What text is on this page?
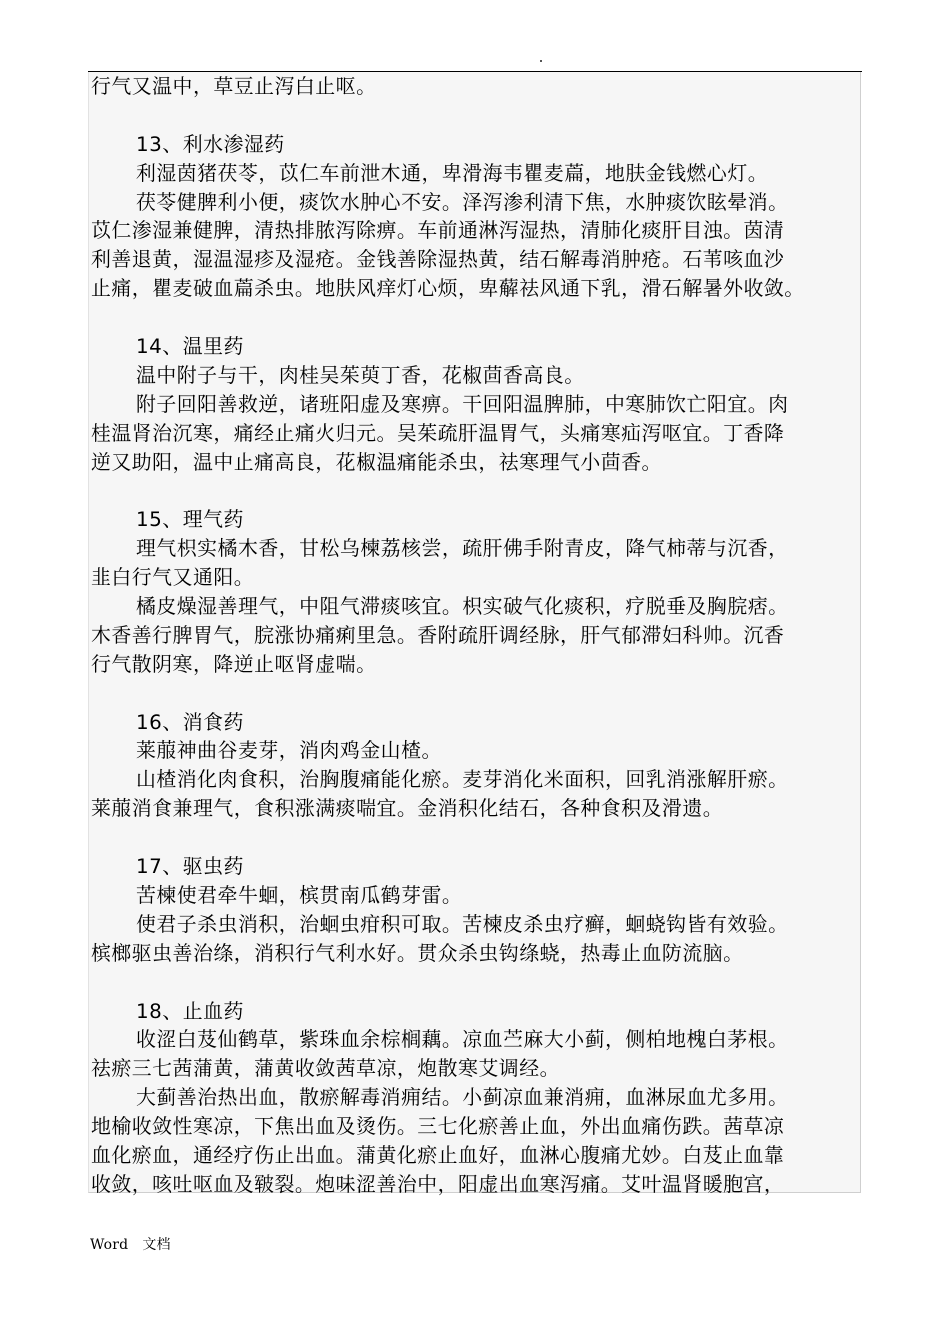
行气又温中，草豆止泻白止呕。
13、利水渗湿药
利湿茵猪茯苓，苡仁车前泄木通，卑滑海韦瞿麦萹，地肤金钱燃心灯。
茯苓健脾利小便，痰饮水肿心不安。泽泻渗利清下焦，水肿痰饮眩晕消。
苡仁渗湿兼健脾，清热排脓泻除痹。车前通淋泻湿热，清肺化痰肝目浊。茵清
利善退黄，湿温湿疹及湿疮。金钱善除湿热黄，结石解毒消肿疮。石苇咳血沙
止痛，瞿麦破血萹杀虫。地肤风痒灯心烦，卑薢祛风通下乳，滑石解暑外收敛。
14、温里药
温中附子与干，肉桂吴茱萸丁香，花椒茴香高良。
附子回阳善救逆，诸班阳虚及寒痹。干回阳温脾肺，中寒肺饮亡阳宜。肉
桂温肾治沉寒，痛经止痛火归元。吴茱疏肝温胃气，头痛寒疝泻呕宜。丁香降
逆又助阳，温中止痛高良，花椒温痛能杀虫，祛寒理气小茴香。
15、理气药
理气枳实橘木香，甘松乌楝荔核尝，疏肝佛手附青皮，降气柿蒂与沉香，
韭白行气又通阳。
橘皮燥湿善理气，中阻气滞痰咳宜。枳实破气化痰积，疗脱垂及胸脘痞。
木香善行脾胃气，脘涨协痛痢里急。香附疏肝调经脉，肝气郁滞妇科帅。沉香
行气散阴寒，降逆止呕肾虚喘。
16、消食药
莱菔神曲谷麦芽，消肉鸡金山楂。
山楂消化肉食积，治胸腹痛能化瘀。麦芽消化米面积，回乳消涨解肝瘀。
莱菔消食兼理气，食积涨满痰喘宜。金消积化结石，各种食积及滑遗。
17、驱虫药
苦楝使君牵牛蛔，槟贯南瓜鹤芽雷。
使君子杀虫消积，治蛔虫疳积可取。苦楝皮杀虫疗癣，蛔蛲钩皆有效验。
槟榔驱虫善治绦，消积行气利水好。贯众杀虫钩绦蛲，热毒止血防流脑。
18、止血药
收涩白芨仙鹤草，紫珠血余棕榈藕。凉血苎麻大小蓟，侧柏地槐白茅根。
祛瘀三七茜蒲黄，蒲黄收敛茜草凉，炮散寒艾调经。
大蓟善治热出血，散瘀解毒消痈结。小蓟凉血兼消痈，血淋尿血尤多用。
地榆收敛性寒凉，下焦出血及烫伤。三七化瘀善止血，外出血痛伤跌。茜草凉
血化瘀血，通经疗伤止出血。蒲黄化瘀止血好，血淋心腹痛尤妙。白芨止血靠
收敛，咳吐呕血及皲裂。炮味涩善治中，阳虚出血寒泻痛。艾叶温肾暖胞宫，
Word 文档
